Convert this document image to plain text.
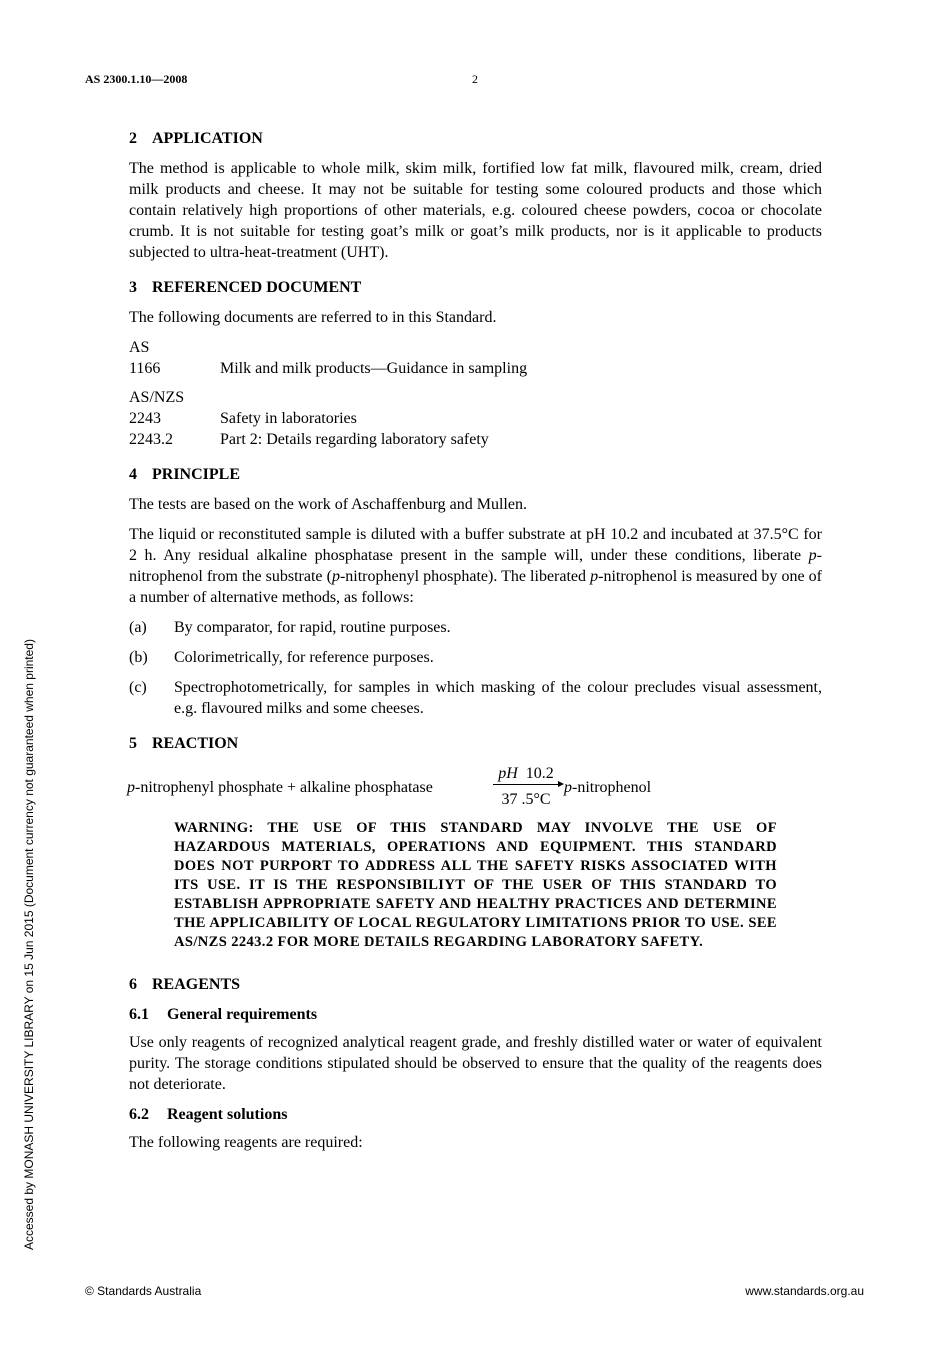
AS 2300.1.10—2008	2
Accessed by MONASH UNIVERSITY LIBRARY on 15 Jun 2015 (Document currency not guaranteed when printed)
2 APPLICATION

The method is applicable to whole milk, skim milk, fortified low fat milk, flavoured milk, cream, dried milk products and cheese. It may not be suitable for testing some coloured products and those which contain relatively high proportions of other materials, e.g. coloured cheese powders, cocoa or chocolate crumb. It is not suitable for testing goat’s milk or goat’s milk products, nor is it applicable to products subjected to ultra-heat-treatment (UHT).

3 REFERENCED DOCUMENT

The following documents are referred to in this Standard.

AS
1166	Milk and milk products—Guidance in sampling
AS/NZS
2243	Safety in laboratories
2243.2	Part 2: Details regarding laboratory safety
4 PRINCIPLE

The tests are based on the work of Aschaffenburg and Mullen.

The liquid or reconstituted sample is diluted with a buffer substrate at pH 10.2 and incubated at 37.5°C for 2 h. Any residual alkaline phosphatase present in the sample will, under these conditions, liberate p-nitrophenol from the substrate (p-nitrophenyl phosphate). The liberated p-nitrophenol is measured by one of a number of alternative methods, as follows:

(a)	By comparator, for rapid, routine purposes.
(b)	Colorimetrically, for reference purposes.
(c)	Spectrophotometrically, for samples in which masking of the colour precludes visual assessment, e.g. flavoured milks and some cheeses.
5 REACTION
p-nitrophenyl phosphate + alkaline phosphatase
pH 10.2
37 .5°C
p-nitrophenol
WARNING: THE USE OF THIS STANDARD MAY INVOLVE THE USE OF HAZARDOUS MATERIALS, OPERATIONS AND EQUIPMENT. THIS STANDARD DOES NOT PURPORT TO ADDRESS ALL THE SAFETY RISKS ASSOCIATED WITH ITS USE. IT IS THE RESPONSIBILIYT OF THE USER OF THIS STANDARD TO ESTABLISH APPROPRIATE SAFETY AND HEALTHY PRACTICES AND DETERMINE THE APPLICABILITY OF LOCAL REGULATORY LIMITATIONS PRIOR TO USE. SEE AS/NZS 2243.2 FOR MORE DETAILS REGARDING LABORATORY SAFETY.
6 REAGENTS
6.1 General requirements

Use only reagents of recognized analytical reagent grade, and freshly distilled water or water of equivalent purity. The storage conditions stipulated should be observed to ensure that the quality of the reagents does not deteriorate.

6.2 Reagent solutions

The following reagents are required:

© Standards Australia	www.standards.org.au
